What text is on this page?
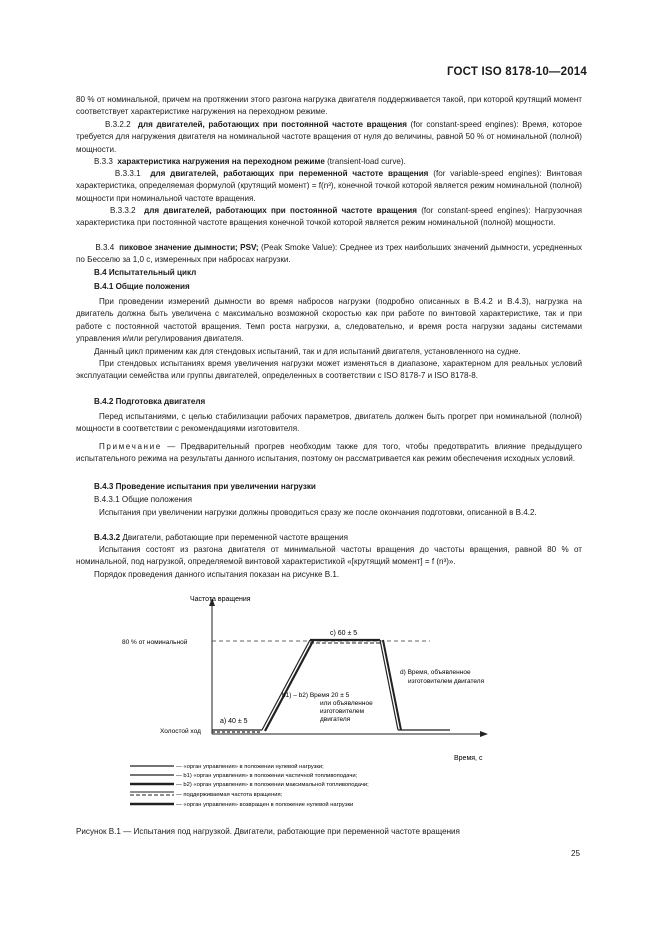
ГОСТ ISO 8178-10—2014
80 % от номинальной, причем на протяжении этого разгона нагрузка двигателя поддерживается такой, при которой крутящий момент соответствует характеристике нагружения на переходном режиме.
B.3.2.2 для двигателей, работающих при постоянной частоте вращения (for constant-speed engines): Время, которое требуется для нагружения двигателя на номинальной частоте вращения от нуля до величины, равной 50 % от номинальной (полной) мощности.
B.3.3 характеристика нагружения на переходном режиме (transient-load curve).
B.3.3.1 для двигателей, работающих при переменной частоте вращения (for variable-speed engines): Винтовая характеристика, определяемая формулой (крутящий момент) = f(n³), конечной точкой которой является режим номинальной (полной) мощности при номинальной частоте вращения.
B.3.3.2 для двигателей, работающих при постоянной частоте вращения (for constant-speed engines): Нагрузочная характеристика при постоянной частоте вращения конечной точкой которой является режим номинальной (полной) мощности.
B.3.4 пиковое значение дымности; PSV; (Peak Smoke Value): Среднее из трех наибольших значений дымности, усредненных по Бесселю за 1,0 с, измеренных при набросах нагрузки.
B.4 Испытательный цикл
B.4.1 Общие положения
При проведении измерений дымности во время набросов нагрузки (подробно описанных в B.4.2 и B.4.3), нагрузка на двигатель должна быть увеличена с максимально возможной скоростью как при работе по винтовой характеристике, так и при работе с постоянной частотой вращения. Темп роста нагрузки, а, следовательно, и время роста нагрузки заданы системами управления и/или регулирования двигателя.
Данный цикл применим как для стендовых испытаний, так и для испытаний двигателя, установленного на судне.
При стендовых испытаниях время увеличения нагрузки может изменяться в диапазоне, характерном для реальных условий эксплуатации семейства или группы двигателей, определенных в соответствии с ISO 8178-7 и ISO 8178-8.
B.4.2 Подготовка двигателя
Перед испытаниями, с целью стабилизации рабочих параметров, двигатель должен быть прогрет при номинальной (полной) мощности в соответствии с рекомендациями изготовителя.
Примечание — Предварительный прогрев необходим также для того, чтобы предотвратить влияние предыдущего испытательного режима на результаты данного испытания, поэтому он рассматривается как режим обеспечения исходных условий.
B.4.3 Проведение испытания при увеличении нагрузки
B.4.3.1 Общие положения
Испытания при увеличении нагрузки должны проводиться сразу же после окончания подготовки, описанной в B.4.2.
B.4.3.2 Двигатели, работающие при переменной частоте вращения
Испытания состоят из разгона двигателя от минимальной частоты вращения до частоты вращения, равной 80 % от номинальной, под нагрузкой, определяемой винтовой характеристикой «[крутящий момент] = f (n³)».
Порядок проведения данного испытания показан на рисунке B.1.
Частота вращения
Время, с
80 % от номинальной
Холостой ход
a) 40 ± 5
b1) – b2) Время 20 ± 5
или объявленное
изготовителем
двигателя
c) 60 ± 5
d) Время, объявленное
изготовителем двигателя
— «орган управления» в положении нулевой нагрузки;
— b1) «орган управления» в положении частичной топливоподачи;
— b2) «орган управления» в положении максимальной топливоподачи;
— поддерживаемая частота вращения;
— «орган управления» возвращен в положение нулевой нагрузки
Рисунок B.1 — Испытания под нагрузкой. Двигатели, работающие при переменной частоте вращения
25
